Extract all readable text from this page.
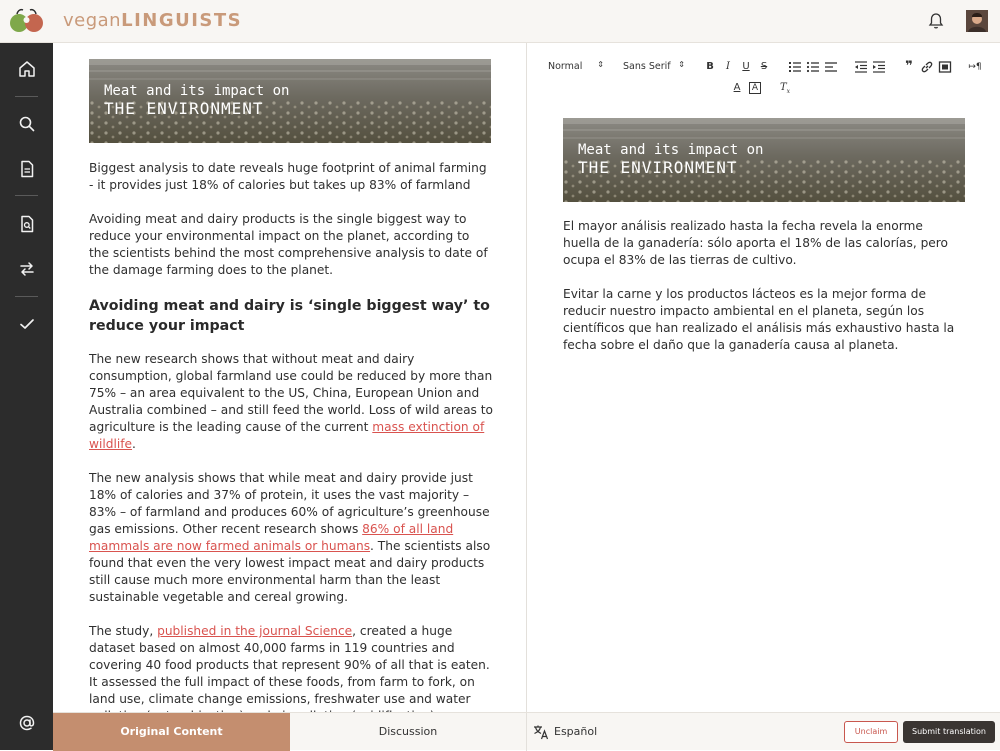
veganLINGUISTS
Meat and its impact on
THE ENVIRONMENT

Biggest analysis to date reveals huge footprint of animal farming - it provides just 18% of calories but takes up 83% of farmland

Avoiding meat and dairy products is the single biggest way to reduce your environmental impact on the planet, according to the scientists behind the most comprehensive analysis to date of the damage farming does to the planet.

Avoiding meat and dairy is ‘single biggest way’ to reduce your impact

The new research shows that without meat and dairy consumption, global farmland use could be reduced by more than 75% – an area equivalent to the US, China, European Union and Australia combined – and still feed the world. Loss of wild areas to agriculture is the leading cause of the current mass extinction of wildlife.

The new analysis shows that while meat and dairy provide just 18% of calories and 37% of protein, it uses the vast majority – 83% – of farmland and produces 60% of agriculture’s greenhouse gas emissions. Other recent research shows 86% of all land mammals are now farmed animals or humans. The scientists also found that even the very lowest impact meat and dairy products still cause much more environmental harm than the least sustainable vegetable and cereal growing.

The study, published in the journal Science, created a huge dataset based on almost 40,000 farms in 119 countries and covering 40 food products that represent 90% of all that is eaten. It assessed the full impact of these foods, from farm to fork, on land use, climate change emissions, freshwater use and water

Normal ⇕ Sans Serif ⇕	B	I	U	S	❞	↦¶
A	A	$T_x$
Meat and its impact on
THE ENVIRONMENT

El mayor análisis realizado hasta la fecha revela la enorme huella de la ganadería: sólo aporta el 18% de las calorías, pero ocupa el 83% de las tierras de cultivo.

Evitar la carne y los productos lácteos es la mejor forma de reducir nuestro impacto ambiental en el planeta, según los científicos que han realizado el análisis más exhaustivo hasta la fecha sobre el daño que la ganadería causa al planeta.

Original Content	Discussion	Español	Unclaim	Submit translation
